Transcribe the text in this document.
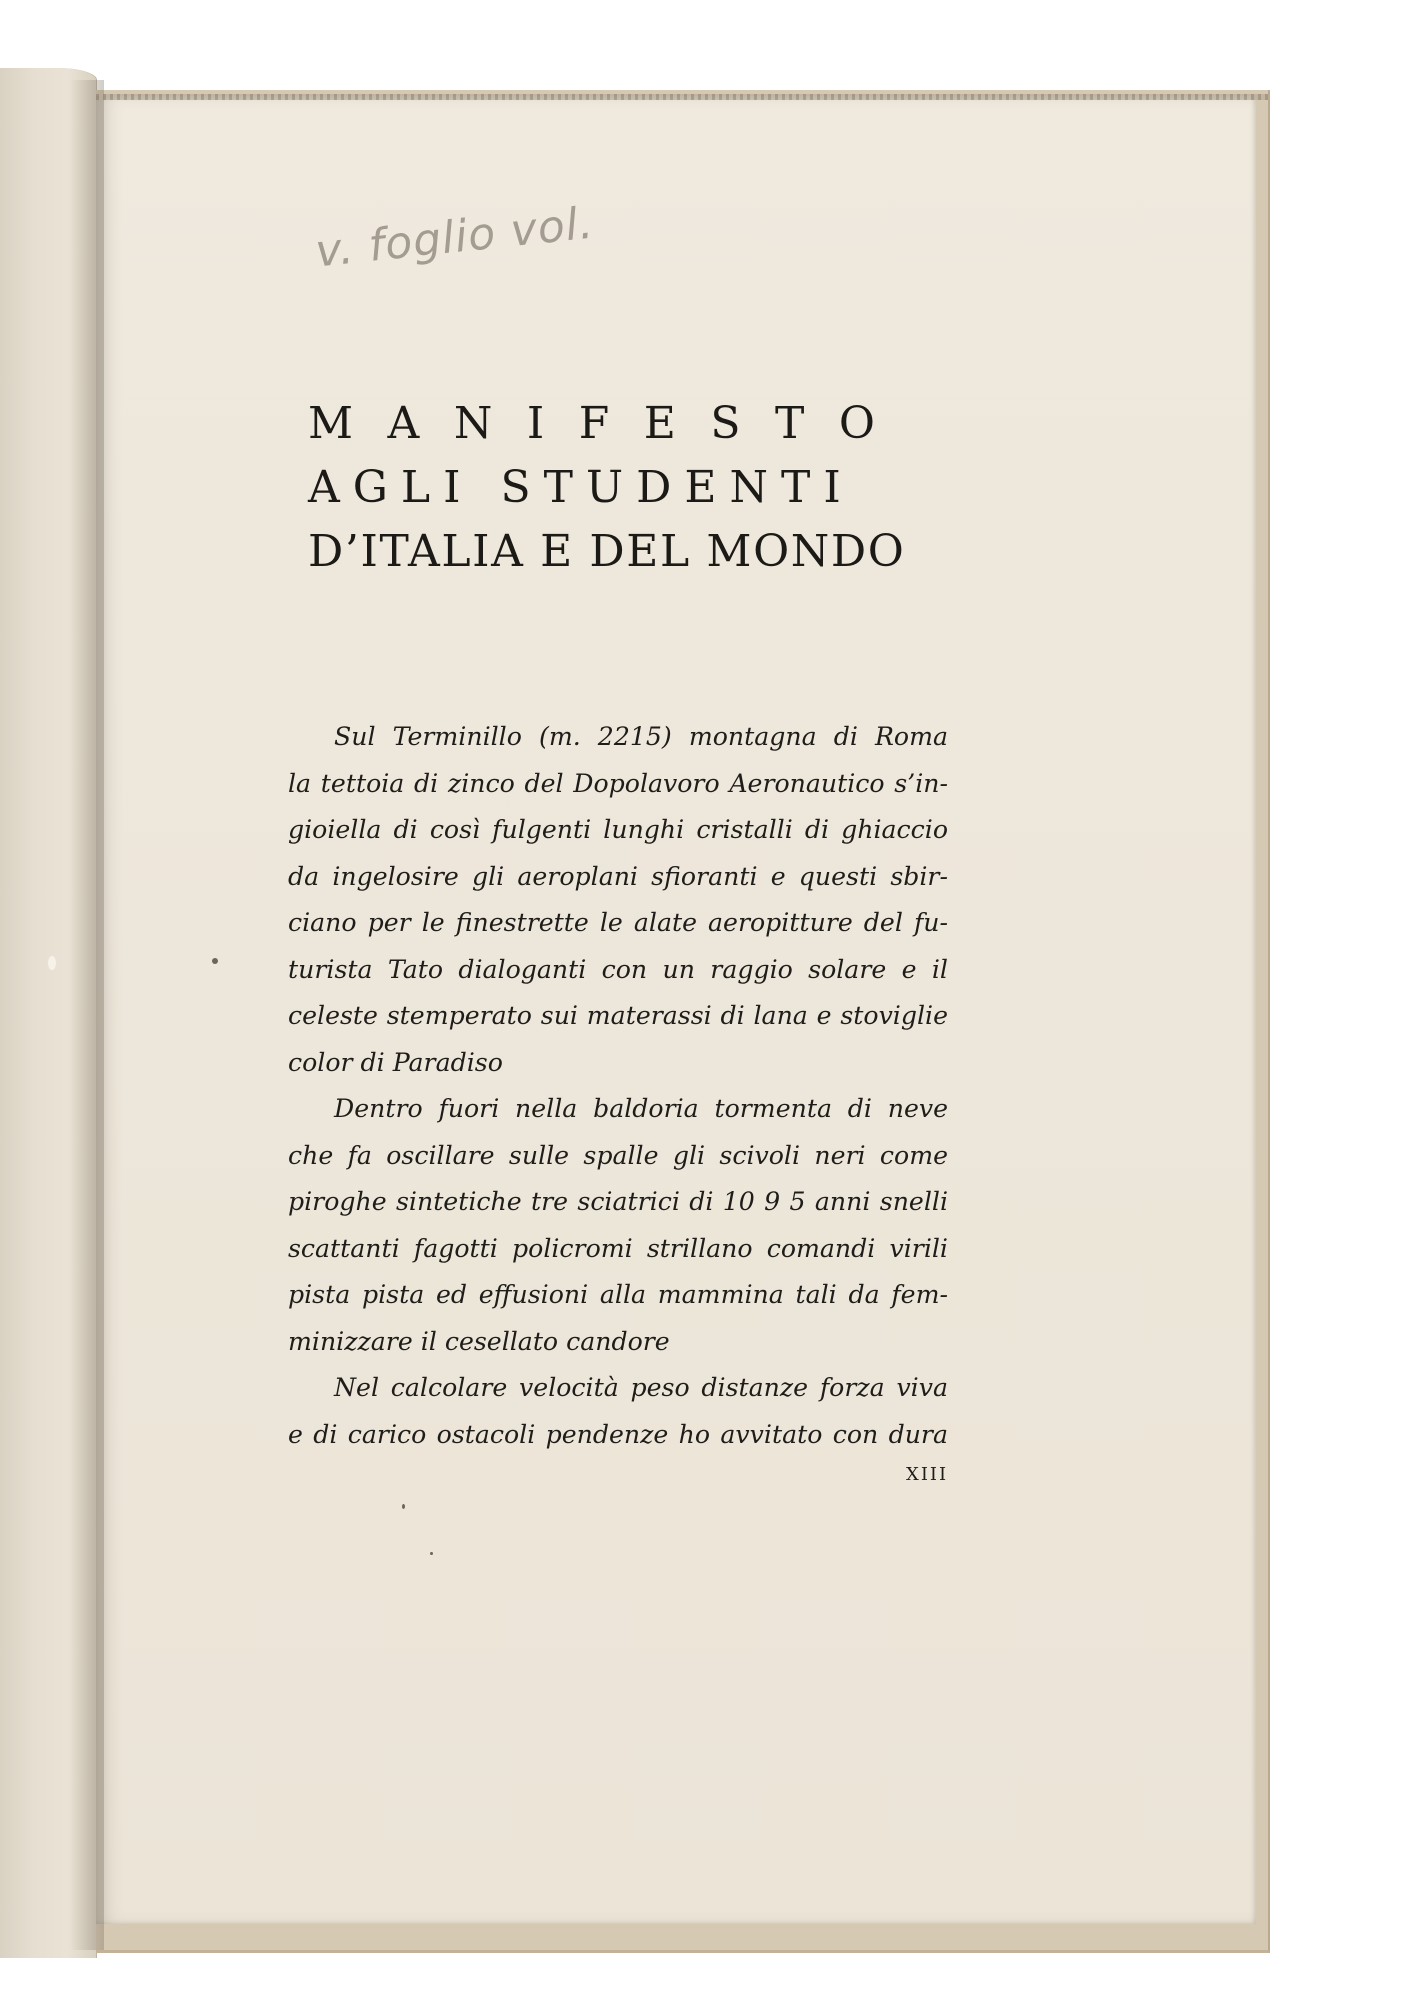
v. foglio vol.
MANIFESTO
AGLI STUDENTI
D’ITALIA E DEL MONDO
Sul Terminillo (m. 2215) montagna di Roma
la tettoia di zinco del Dopolavoro Aeronautico s’in-
gioiella di così fulgenti lunghi cristalli di ghiaccio
da ingelosire gli aeroplani sfioranti e questi sbir-
ciano per le finestrette le alate aeropitture del fu-
turista Tato dialoganti con un raggio solare e il
celeste stemperato sui materassi di lana e stoviglie
color di Paradiso
Dentro fuori nella baldoria tormenta di neve
che fa oscillare sulle spalle gli scivoli neri come
piroghe sintetiche tre sciatrici di 10 9 5 anni snelli
scattanti fagotti policromi strillano comandi virili
pista pista ed effusioni alla mammina tali da fem-
minizzare il cesellato candore
Nel calcolare velocità peso distanze forza viva
e di carico ostacoli pendenze ho avvitato con dura
XIII
